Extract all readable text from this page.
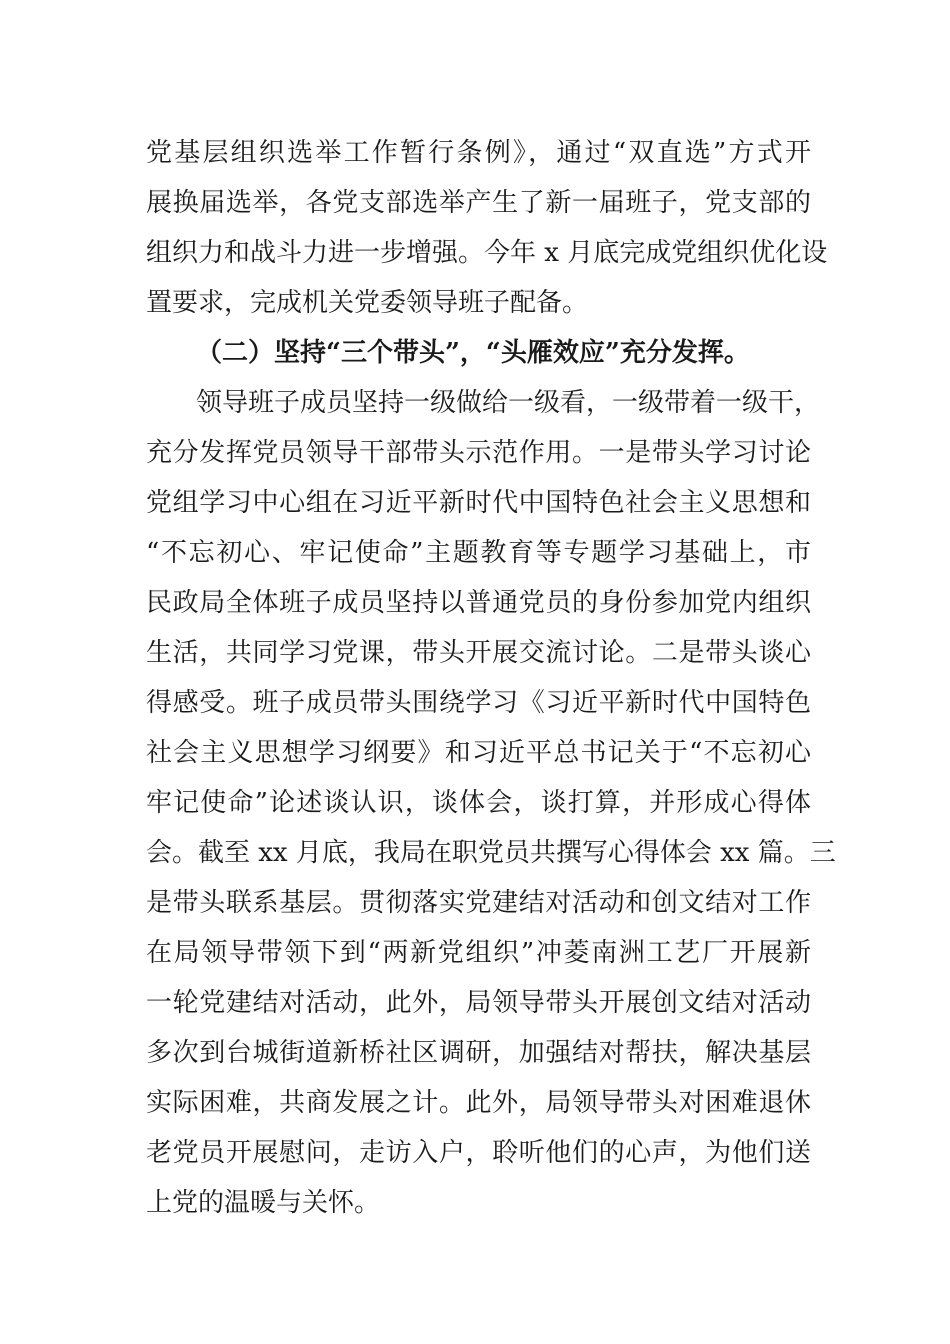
党基层组织选举工作暂行条例》，通过“双直选”方式开
展换届选举，各党支部选举产生了新一届班子，党支部的
组织力和战斗力进一步增强。今年 x 月底完成党组织优化设
置要求，完成机关党委领导班子配备。
（二）坚持“三个带头”，“头雁效应”充分发挥。
领导班子成员坚持一级做给一级看，一级带着一级干，
充分发挥党员领导干部带头示范作用。一是带头学习讨论
党组学习中心组在习近平新时代中国特色社会主义思想和
“不忘初心、牢记使命”主题教育等专题学习基础上，市
民政局全体班子成员坚持以普通党员的身份参加党内组织
生活，共同学习党课，带头开展交流讨论。二是带头谈心
得感受。班子成员带头围绕学习《习近平新时代中国特色
社会主义思想学习纲要》和习近平总书记关于“不忘初心
牢记使命”论述谈认识，谈体会，谈打算，并形成心得体
会。截至 xx 月底，我局在职党员共撰写心得体会 xx 篇。三
是带头联系基层。贯彻落实党建结对活动和创文结对工作
在局领导带领下到“两新党组织”冲菱南洲工艺厂开展新
一轮党建结对活动，此外，局领导带头开展创文结对活动
多次到台城街道新桥社区调研，加强结对帮扶，解决基层
实际困难，共商发展之计。此外，局领导带头对困难退休
老党员开展慰问，走访入户，聆听他们的心声，为他们送
上党的温暖与关怀。
